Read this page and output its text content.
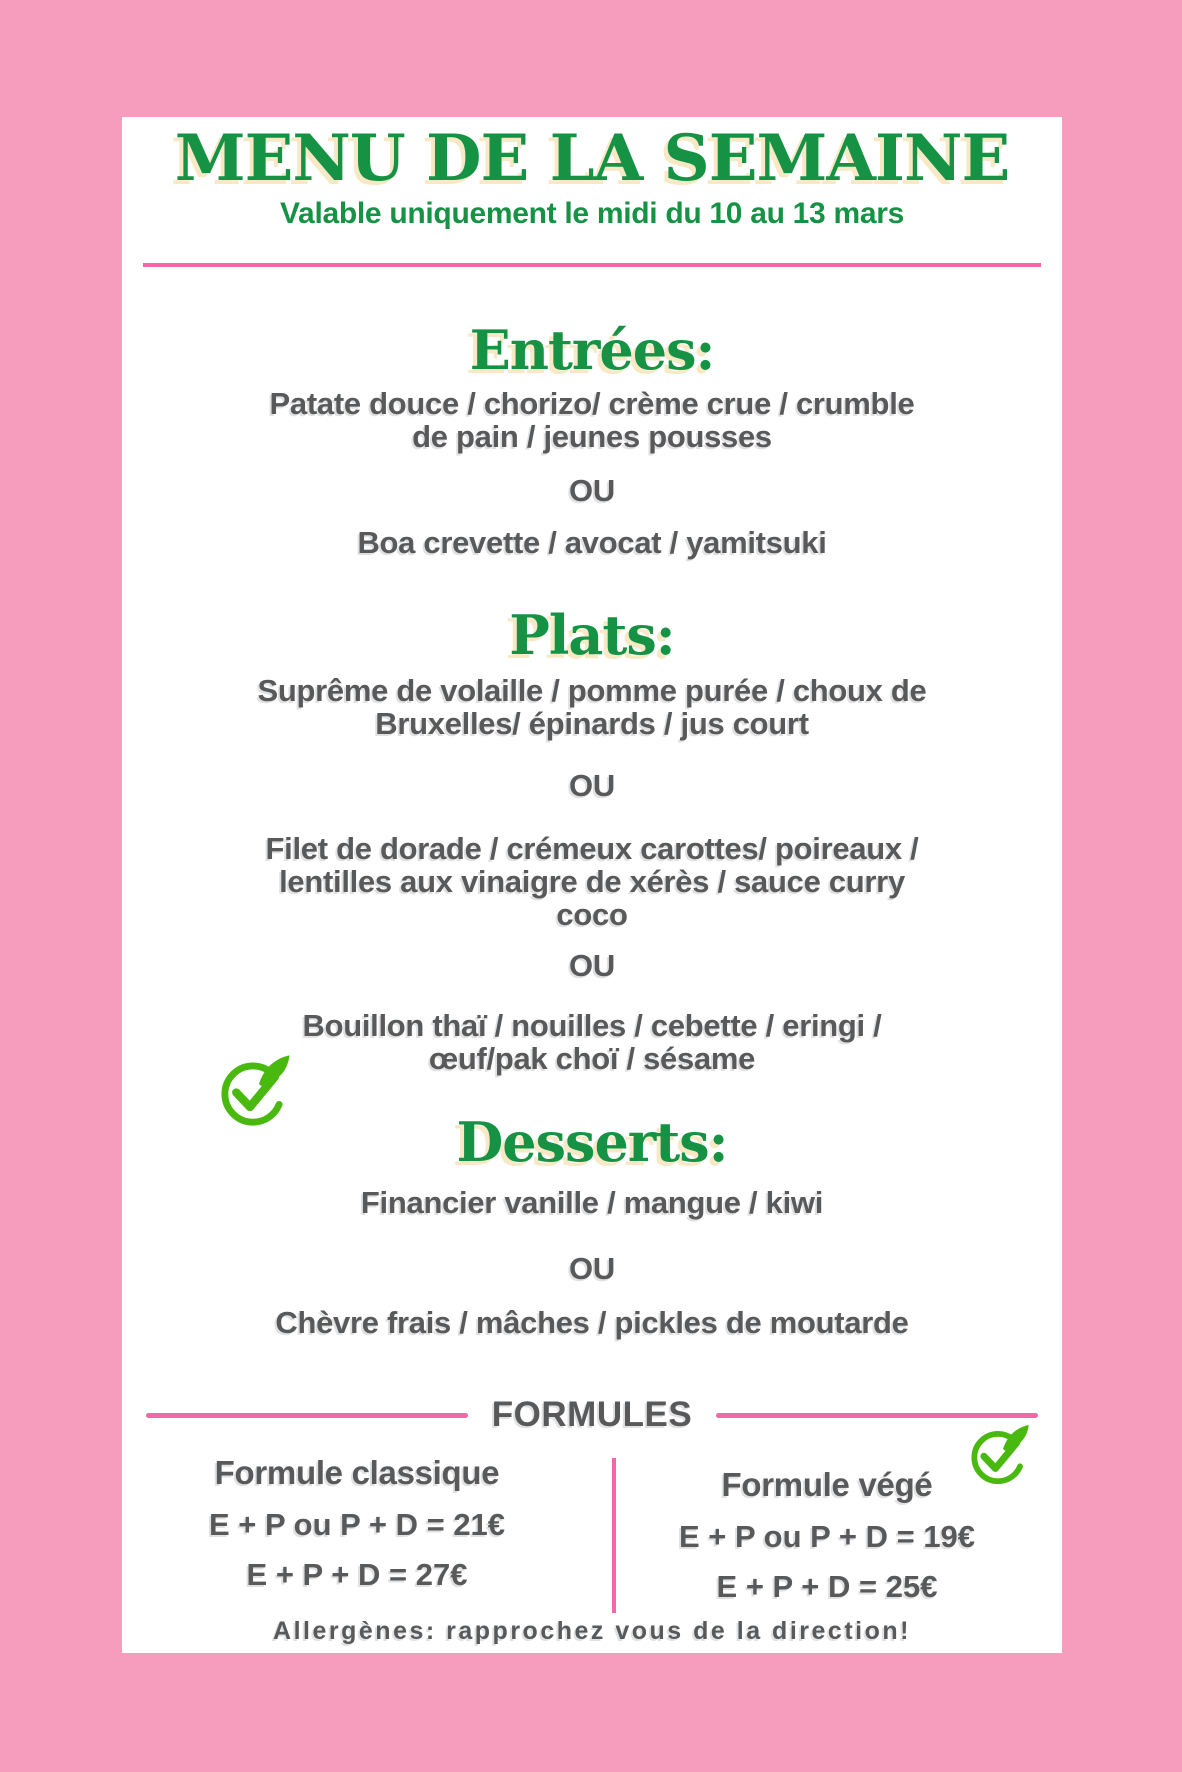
MENU DE LA SEMAINE
Valable uniquement le midi du 10 au 13 mars
Entrées:

Patate douce / chorizo/ crème crue / crumble
de pain / jeunes pousses

OU

Boa crevette / avocat / yamitsuki

Plats:

Suprême de volaille / pomme purée / choux de
Bruxelles/ épinards / jus court

OU

Filet de dorade / crémeux carottes/ poireaux /
lentilles aux vinaigre de xérès / sauce curry
coco

OU

Bouillon thaï / nouilles / cebette / eringi /
œuf/pak choï / sésame

Desserts:

Financier vanille / mangue / kiwi

OU

Chèvre frais / mâches / pickles de moutarde

FORMULES

Formule classique

E + P ou P + D = 21€

E + P + D = 27€

Formule végé

E + P ou P + D = 19€

E + P + D = 25€

Allergènes: rapprochez vous de la direction!
